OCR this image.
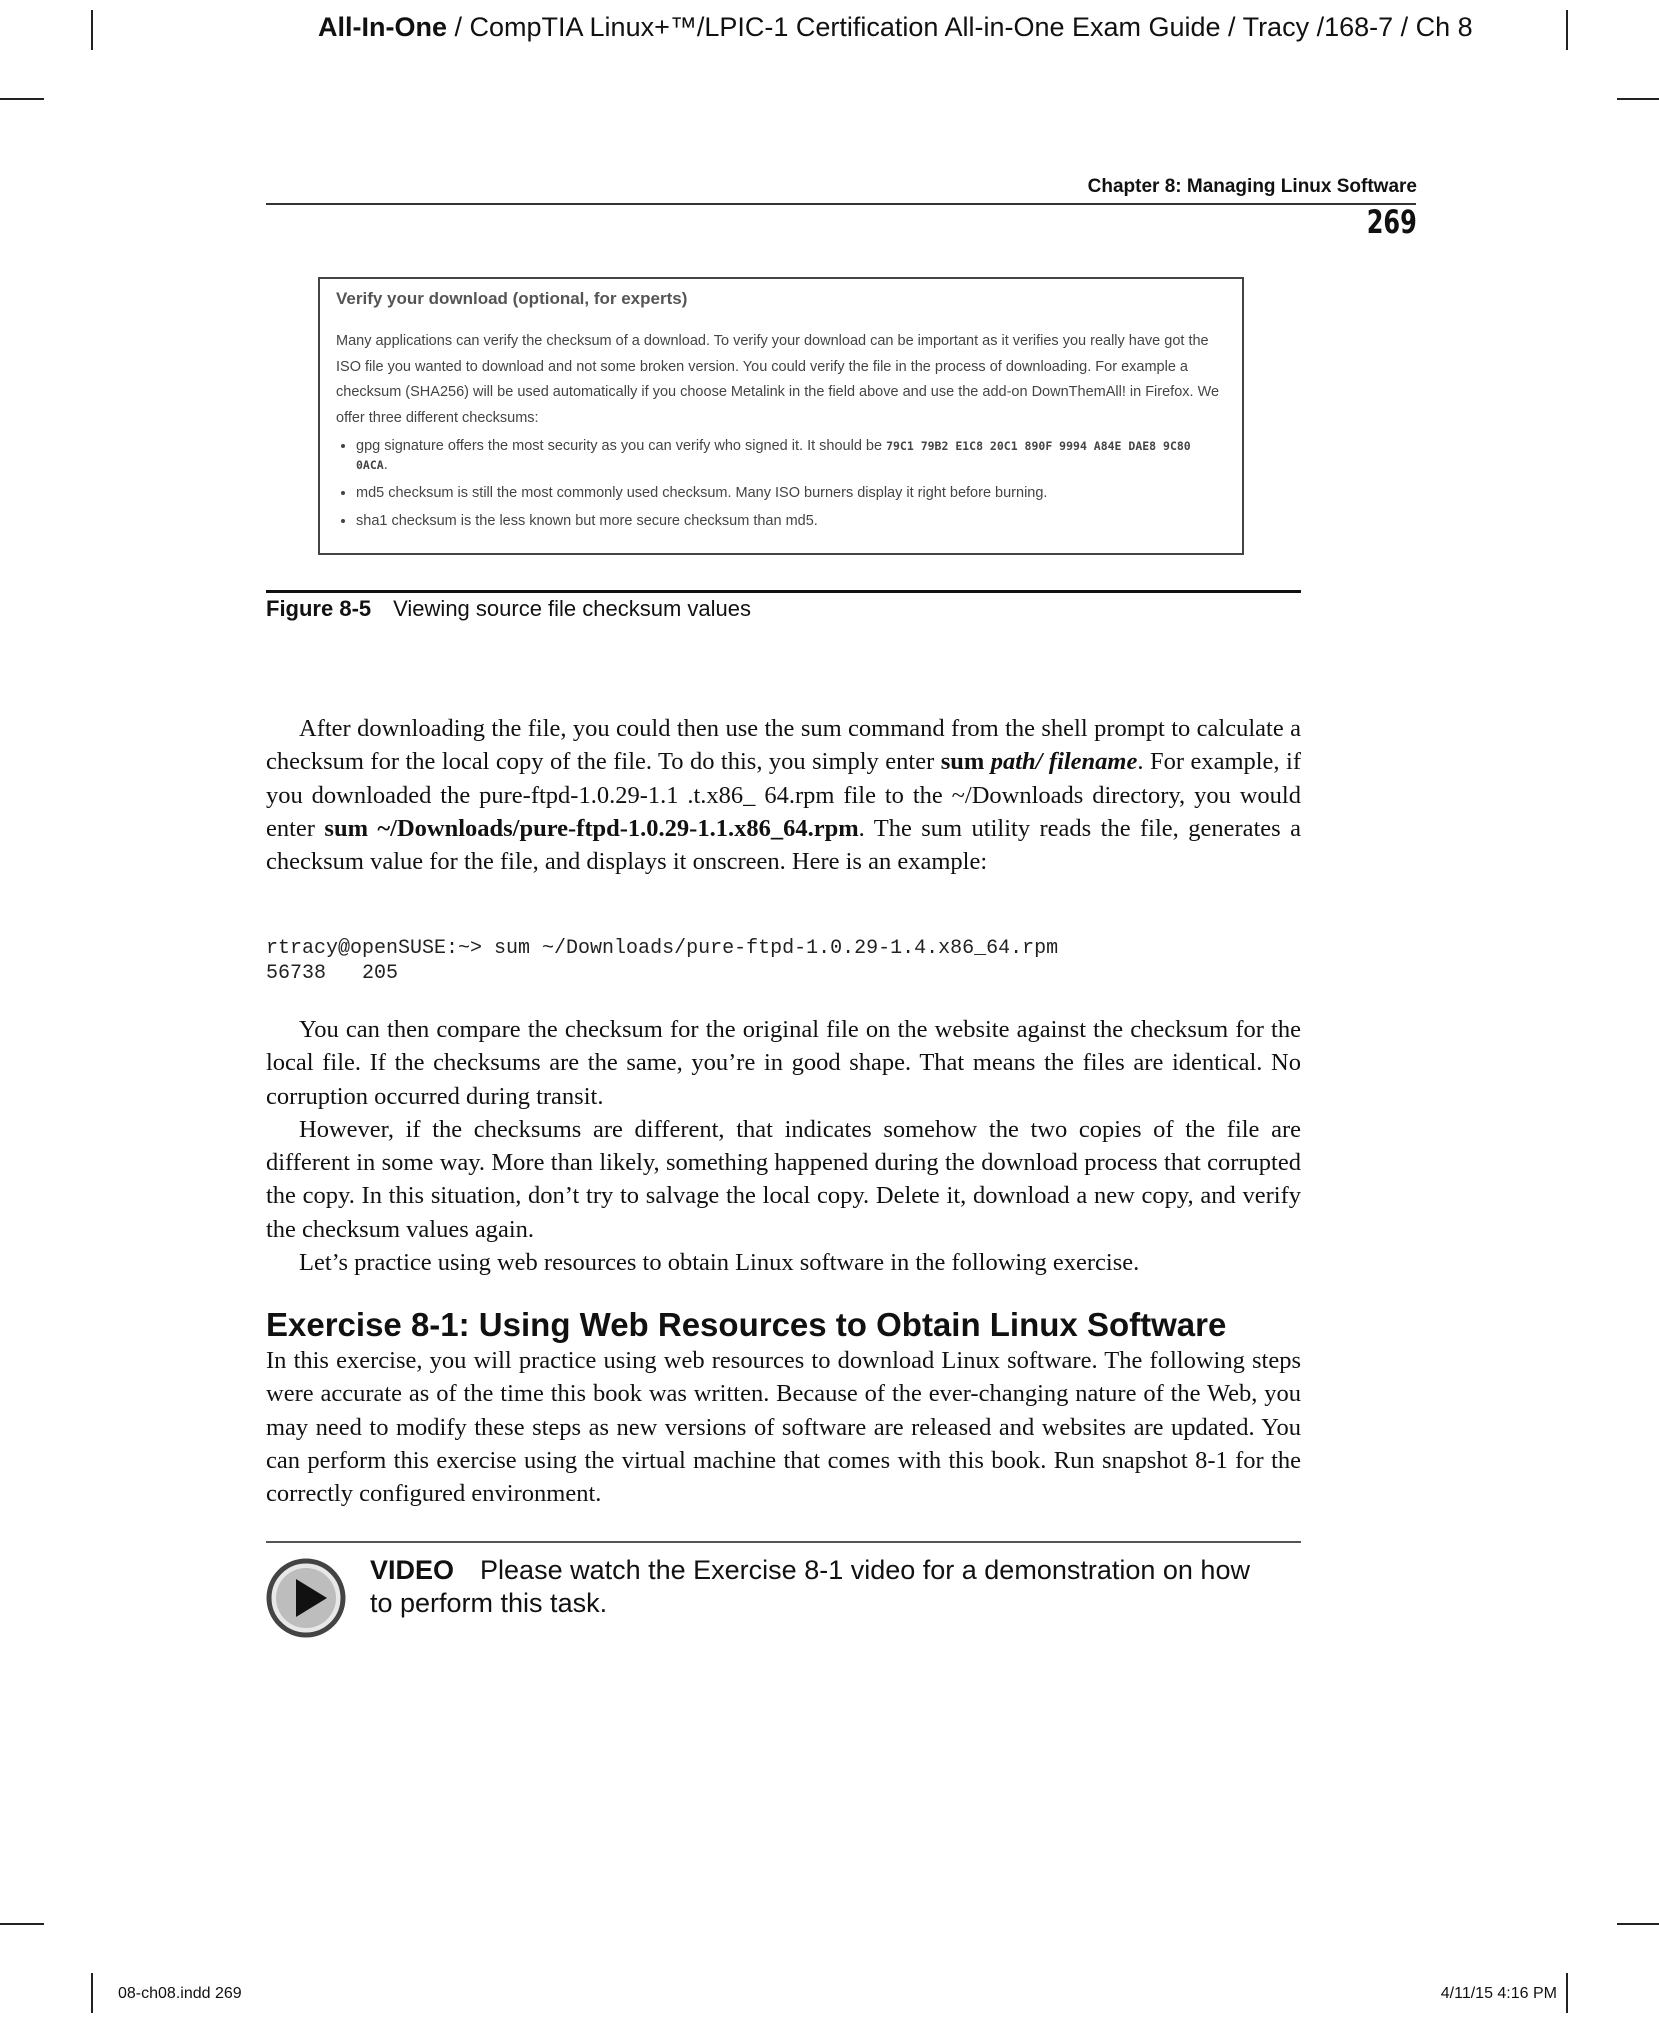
All-In-One / CompTIA Linux+™/LPIC-1 Certification All-in-One Exam Guide / Tracy /168-7 / Ch 8
Chapter 8: Managing Linux Software
269
Verify your download (optional, for experts)
Many applications can verify the checksum of a download. To verify your download can be important as it verifies you really have got the ISO file you wanted to download and not some broken version. You could verify the file in the process of downloading. For example a checksum (SHA256) will be used automatically if you choose Metalink in the field above and use the add-on DownThemAll! in Firefox. We offer three different checksums:
• gpg signature offers the most security as you can verify who signed it. It should be 79C1 79B2 E1C8 20C1 890F 9994 A84E DAE8 9C80 0ACA.
• md5 checksum is still the most commonly used checksum. Many ISO burners display it right before burning.
• sha1 checksum is the less known but more secure checksum than md5.
Figure 8-5 Viewing source file checksum values

After downloading the file, you could then use the sum command from the shell prompt to calculate a checksum for the local copy of the file. To do this, you simply enter sum path/ filename. For example, if you downloaded the pure-ftpd-1.0.29-1.1 .t.x86_ 64.rpm file to the ~/Downloads directory, you would enter sum ~/Downloads/pure-ftpd-1.0.29-1.1.x86_64.rpm. The sum utility reads the file, generates a checksum value for the file, and displays it onscreen. Here is an example:

rtracy@openSUSE:~> sum ~/Downloads/pure-ftpd-1.0.29-1.4.x86_64.rpm
56738   205

You can then compare the checksum for the original file on the website against the checksum for the local file. If the checksums are the same, you’re in good shape. That means the files are identical. No corruption occurred during transit.

However, if the checksums are different, that indicates somehow the two copies of the file are different in some way. More than likely, something happened during the download process that corrupted the copy. In this situation, don’t try to salvage the local copy. Delete it, download a new copy, and verify the checksum values again.

Let’s practice using web resources to obtain Linux software in the following exercise.

Exercise 8-1: Using Web Resources to Obtain Linux Software

In this exercise, you will practice using web resources to download Linux software. The following steps were accurate as of the time this book was written. Because of the ever-changing nature of the Web, you may need to modify these steps as new versions of software are released and websites are updated. You can perform this exercise using the virtual machine that comes with this book. Run snapshot 8-1 for the correctly configured environment.

VIDEO Please watch the Exercise 8-1 video for a demonstration on how to perform this task.
08-ch08.indd 269	4/11/15 4:16 PM
